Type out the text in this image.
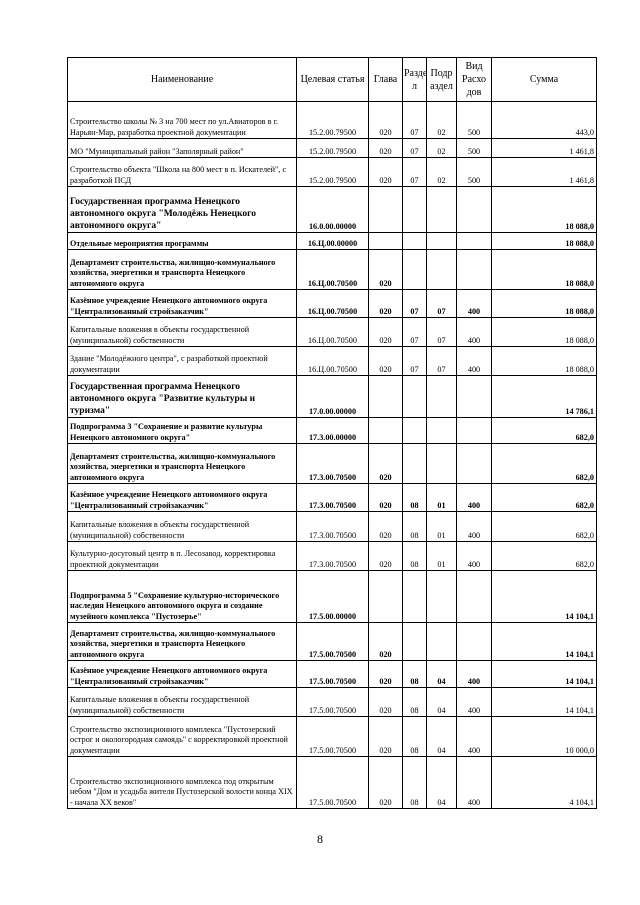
Наименование	Целевая статья	Глава	Разде л	Подр аздел	Вид Расхо дов	Сумма
Строительство школы № 3 на 700 мест по ул.Авиаторов в г. Нарьян-Мар, разработка проектной документации	15.2.00.79500	020	07	02	500	443,0
МО "Муниципальный район "Заполярный район"	15.2.00.79500	020	07	02	500	1 461,8
Строительство объекта "Школа на 800 мест в п. Искателей", с разработкой ПСД	15.2.00.79500	020	07	02	500	1 461,8
Государственная программа Ненецкого автономного округа "Молодёжь Ненецкого автономного округа"	16.0.00.00000					18 088,0
Отдельные мероприятия программы	16.Ц.00.00000					18 088,0
Департамент строительства, жилищно-коммунального хозяйства, энергетики и транспорта Ненецкого автономного округа	16.Ц.00.70500	020				18 088,0
Казённое учреждение Ненецкого автономного округа "Централизованный стройзаказчик"	16.Ц.00.70500	020	07	07	400	18 088,0
Капитальные вложения в объекты государственной (муниципальной) собственности	16.Ц.00.70500	020	07	07	400	18 088,0
Здание "Молодёжного центра", с разработкой проектной документации	16.Ц.00.70500	020	07	07	400	18 088,0
Государственная программа Ненецкого автономного округа "Развитие культуры и туризма"	17.0.00.00000					14 786,1
Подпрограмма 3 "Сохранение и развитие культуры Ненецкого автономного округа"	17.3.00.00000					682,0
Департамент строительства, жилищно-коммунального хозяйства, энергетики и транспорта Ненецкого автономного округа	17.3.00.70500	020				682,0
Казённое учреждение Ненецкого автономного округа "Централизованный стройзаказчик"	17.3.00.70500	020	08	01	400	682,0
Капитальные вложения в объекты государственной (муниципальной) собственности	17.3.00.70500	020	08	01	400	682,0
Культурно-досуговый центр в п. Лесозавод, корректировка проектной документации	17.3.00.70500	020	08	01	400	682,0
Подпрограмма 5 "Сохранение культурно-исторического наследия Ненецкого автономного округа и создание музейного комплекса "Пустозерье"	17.5.00.00000					14 104,1
Департамент строительства, жилищно-коммунального хозяйства, энергетики и транспорта Ненецкого автономного округа	17.5.00.70500	020				14 104,1
Казённое учреждение Ненецкого автономного округа "Централизованный стройзаказчик"	17.5.00.70500	020	08	04	400	14 104,1
Капитальные вложения в объекты государственной (муниципальной) собственности	17.5.00.70500	020	08	04	400	14 104,1
Строительство экспозиционного комплекса "Пустозерский острог и окологородная самоядь" с корректировкой проектной документации	17.5.00.70500	020	08	04	400	10 000,0
Строительство экспозиционного комплекса под открытым небом "Дом и усадьба жителя Пустозерской волости конца XIX - начала XX веков"	17.5.00.70500	020	08	04	400	4 104,1
8
